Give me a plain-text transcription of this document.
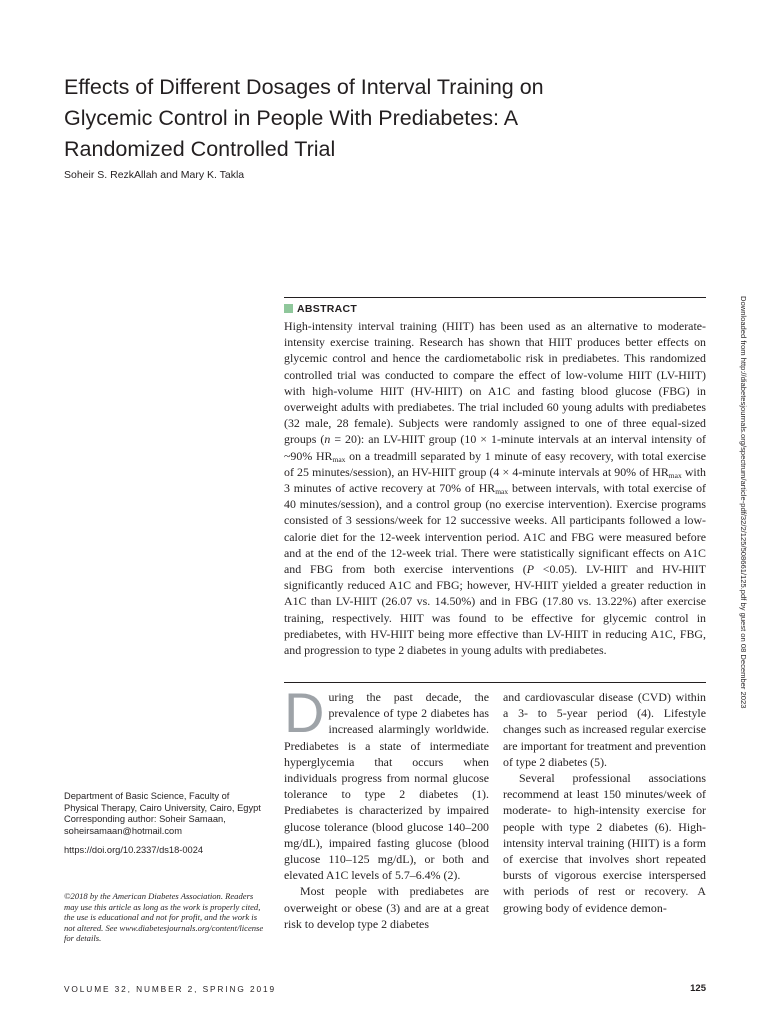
Effects of Different Dosages of Interval Training on Glycemic Control in People With Prediabetes: A Randomized Controlled Trial
Soheir S. RezkAllah and Mary K. Takla
ABSTRACT

High-intensity interval training (HIIT) has been used as an alternative to moderate-intensity exercise training. Research has shown that HIIT produces better effects on glycemic control and hence the cardiometabolic risk in prediabetes. This randomized controlled trial was conducted to compare the effect of low-volume HIIT (LV-HIIT) with high-volume HIIT (HV-HIIT) on A1C and fasting blood glucose (FBG) in overweight adults with prediabetes. The trial included 60 young adults with prediabetes (32 male, 28 female). Subjects were randomly assigned to one of three equal-sized groups (n = 20): an LV-HIIT group (10 × 1-minute intervals at an interval intensity of ~90% $HR_{max}$ on a treadmill separated by 1 minute of easy recovery, with total exercise of 25 minutes/session), an HV-HIIT group (4 × 4-minute intervals at 90% of $HR_{max}$ with 3 minutes of active recovery at 70% of $HR_{max}$ between intervals, with total exercise of 40 minutes/session), and a control group (no exercise intervention). Exercise programs consisted of 3 sessions/week for 12 successive weeks. All participants followed a low-calorie diet for the 12-week intervention period. A1C and FBG were measured before and at the end of the 12-week trial. There were statistically significant effects on A1C and FBG from both exercise interventions (P <0.05). LV-HIIT and HV-HIIT significantly reduced A1C and FBG; however, HV-HIIT yielded a greater reduction in A1C than LV-HIIT (26.07 vs. 14.50%) and in FBG (17.80 vs. 13.22%) after exercise training, respectively. HIIT was found to be effective for glycemic control in prediabetes, with HV-HIIT being more effective than LV-HIIT in reducing A1C, FBG, and progression to type 2 diabetes in young adults with prediabetes.

During the past decade, the prevalence of type 2 diabetes has increased alarmingly worldwide. Prediabetes is a state of intermediate hyperglycemia that occurs when individuals progress from normal glucose tolerance to type 2 diabetes (1). Prediabetes is characterized by impaired glucose tolerance (blood glucose 140–200 mg/dL), impaired fasting glucose (blood glucose 110–125 mg/dL), or both and elevated A1C levels of 5.7–6.4% (2).

Most people with prediabetes are overweight or obese (3) and are at a great risk to develop type 2 diabetes

and cardiovascular disease (CVD) within a 3- to 5-year period (4). Lifestyle changes such as increased regular exercise are important for treatment and prevention of type 2 diabetes (5).

Several professional associations recommend at least 150 minutes/week of moderate- to high-intensity exercise for people with type 2 diabetes (6). High-intensity interval training (HIIT) is a form of exercise that involves short repeated bursts of vigorous exercise interspersed with periods of rest or recovery. A growing body of evidence demon-

Department of Basic Science, Faculty of Physical Therapy, Cairo University, Cairo, Egypt
Corresponding author: Soheir Samaan, soheirsamaan@hotmail.com
https://doi.org/10.2337/ds18-0024
©2018 by the American Diabetes Association. Readers may use this article as long as the work is properly cited, the use is educational and not for profit, and the work is not altered. See www.diabetesjournals.org/content/license for details.
VOLUME 32, NUMBER 2, SPRING 2019	125
Downloaded from http://diabetesjournals.org/spectrum/article-pdf/32/2/125/508661/125.pdf by guest on 08 December 2023
